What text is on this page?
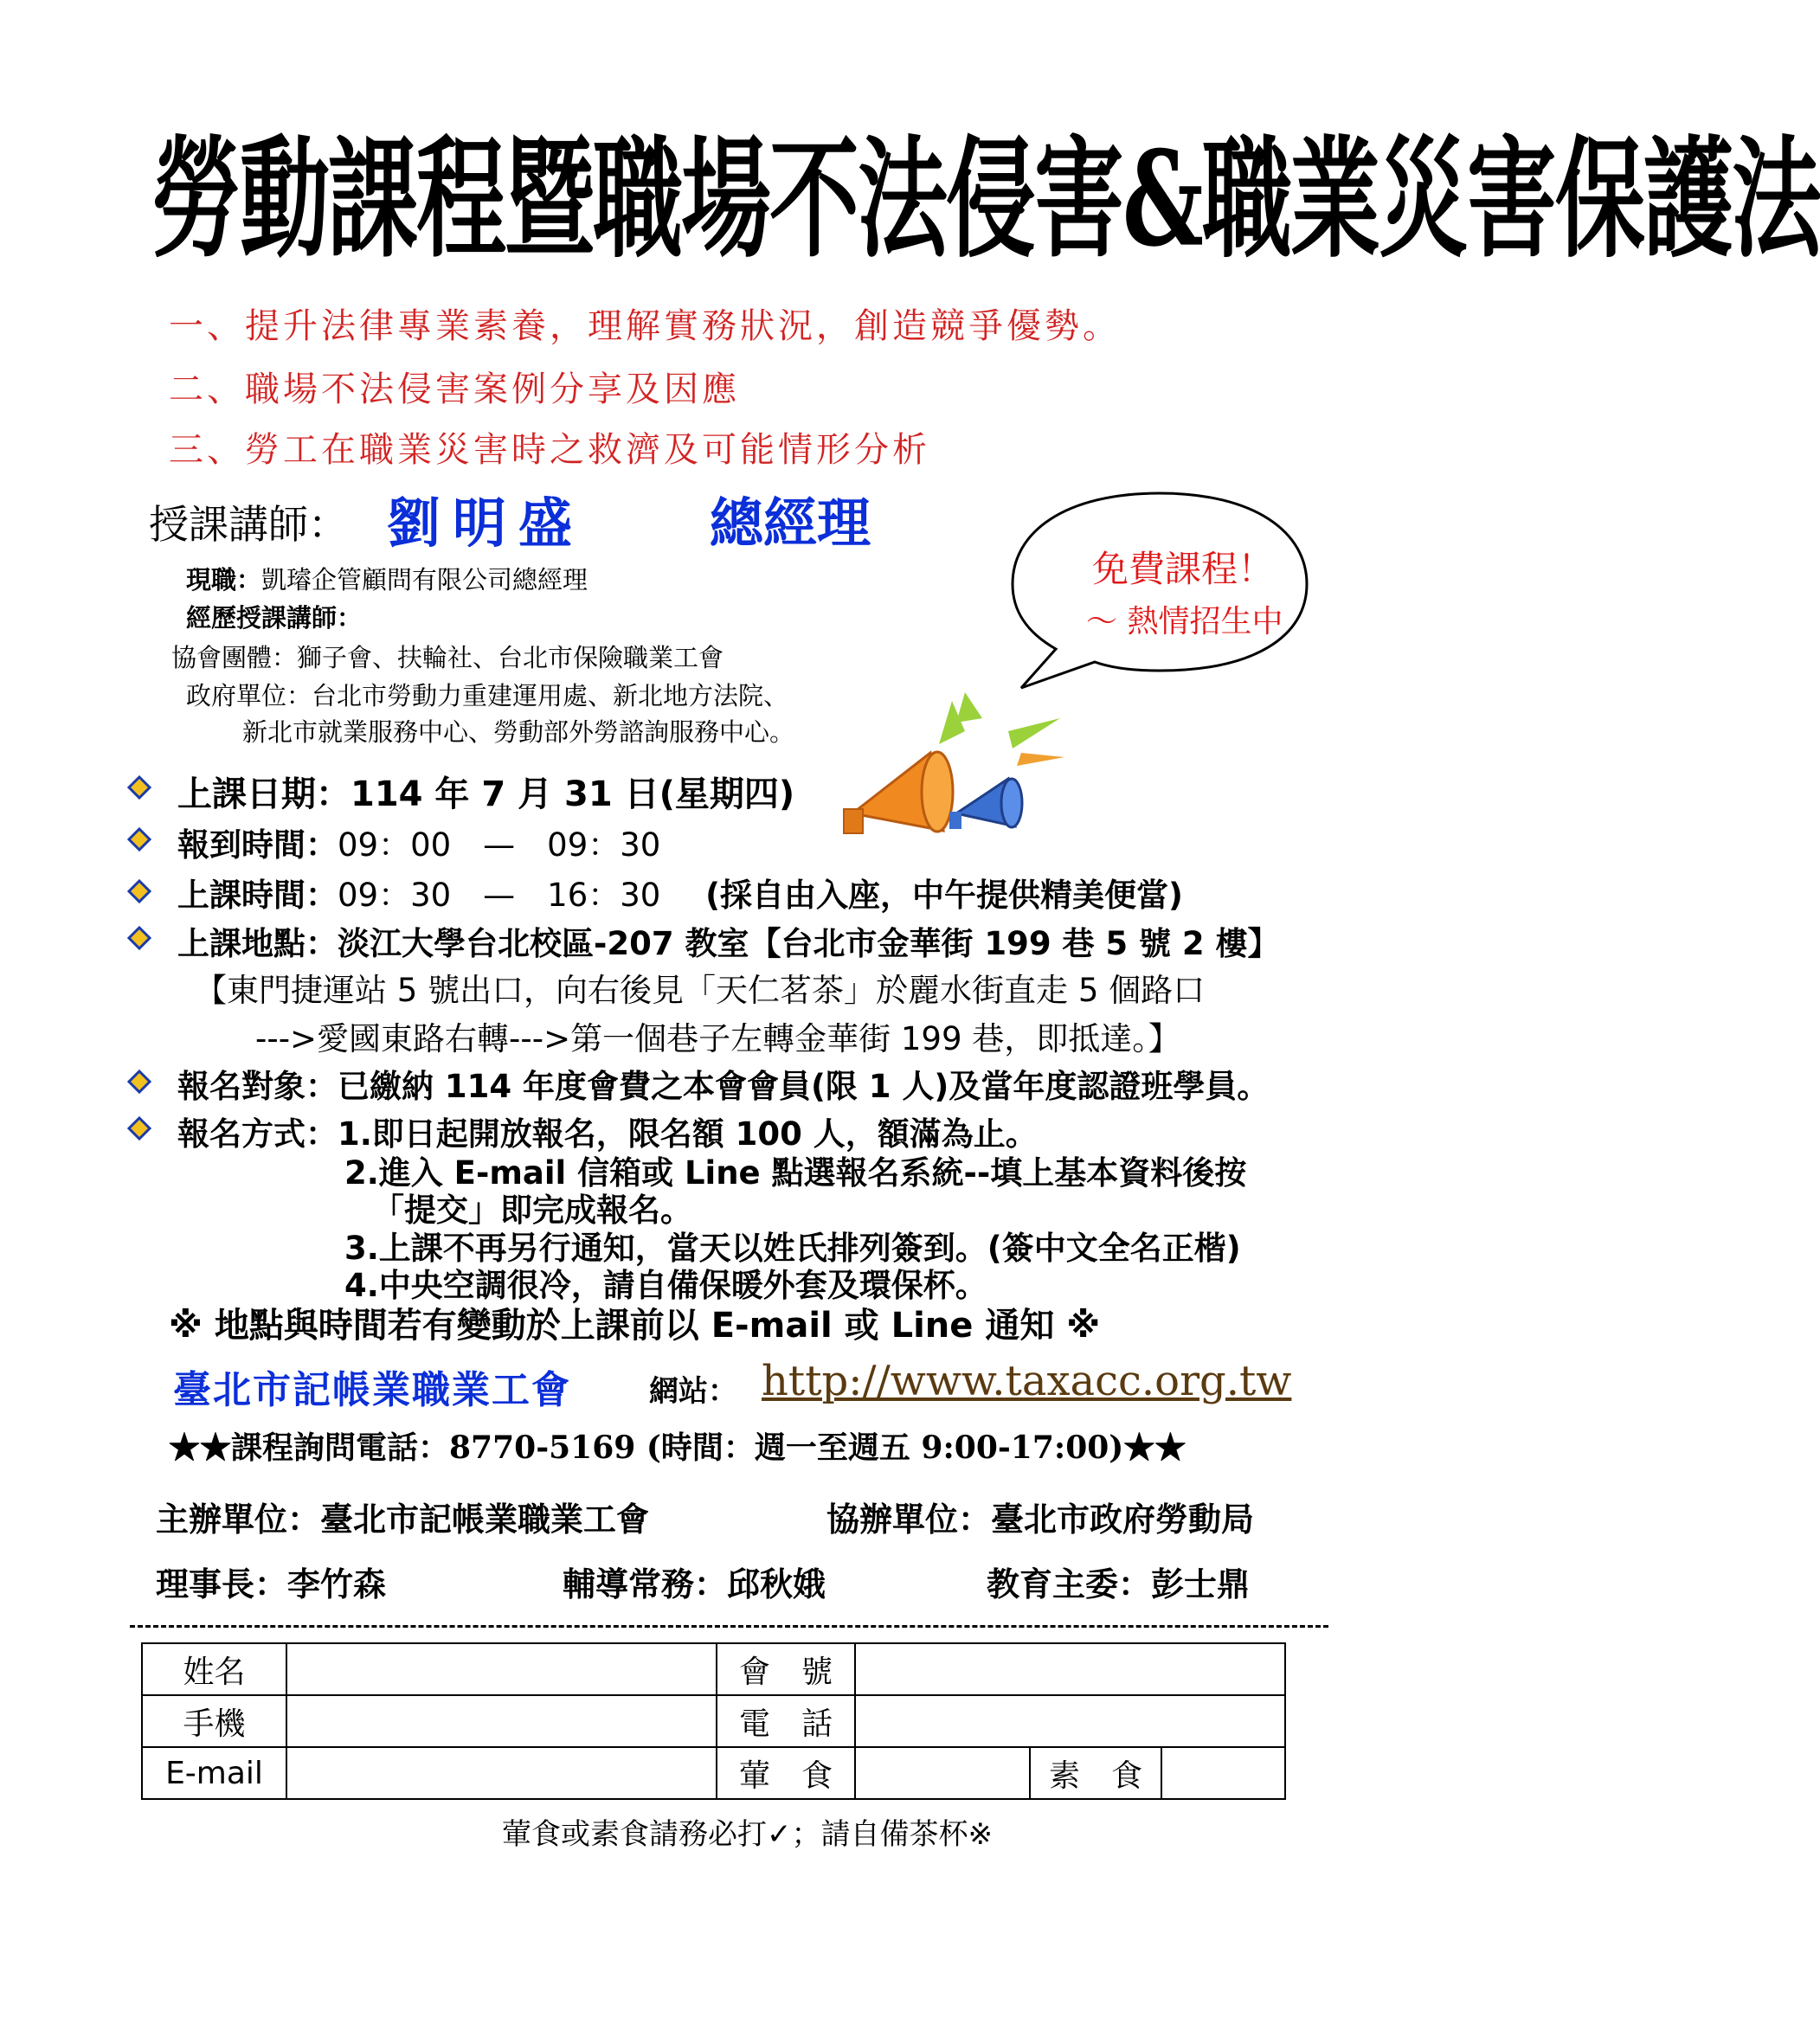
勞動課程暨職場不法侵害&職業災害保護法
一、提升法律專業素養，理解實務狀況，創造競爭優勢。
二、職場不法侵害案例分享及因應
三、勞工在職業災害時之救濟及可能情形分析
授課講師： 劉明盛 總經理
現職：凱璿企管顧問有限公司總經理
經歷授課講師：
協會團體：獅子會、扶輪社、台北市保險職業工會
政府單位：台北市勞動力重建運用處、新北地方法院、
新北市就業服務中心、勞動部外勞諮詢服務中心。
免費課程！
～ 熱情招生中
上課日期：114 年 7 月 31 日(星期四)
報到時間：09：00　—　09：30
上課時間：09：30　—　16：30 (採自由入座，中午提供精美便當)
上課地點：淡江大學台北校區-207 教室【台北市金華街 199 巷 5 號 2 樓】
【東門捷運站 5 號出口，向右後見「天仁茗茶」於麗水街直走 5 個路口
--->愛國東路右轉--->第一個巷子左轉金華街 199 巷，即抵達。】
報名對象：已繳納 114 年度會費之本會會員(限 1 人)及當年度認證班學員。
報名方式：1.即日起開放報名，限名額 100 人，額滿為止。
2.進入 E-mail 信箱或 Line 點選報名系統--填上基本資料後按
「提交」即完成報名。
3.上課不再另行通知，當天以姓氏排列簽到。(簽中文全名正楷)
4.中央空調很冷，請自備保暖外套及環保杯。
※ 地點與時間若有變動於上課前以 E-mail 或 Line 通知 ※
臺北市記帳業職業工會	網站： http://www.taxacc.org.tw
★★課程詢問電話：8770-5169 (時間：週一至週五 9:00-17:00)★★
主辦單位：臺北市記帳業職業工會	協辦單位：臺北市政府勞動局
理事長：李竹森	輔導常務：邱秋娥	教育主委：彭士鼎
姓名		會　號			
手機		電　話			
E-mail		葷　食		素　食	
葷食或素食請務必打✓；請自備茶杯※
